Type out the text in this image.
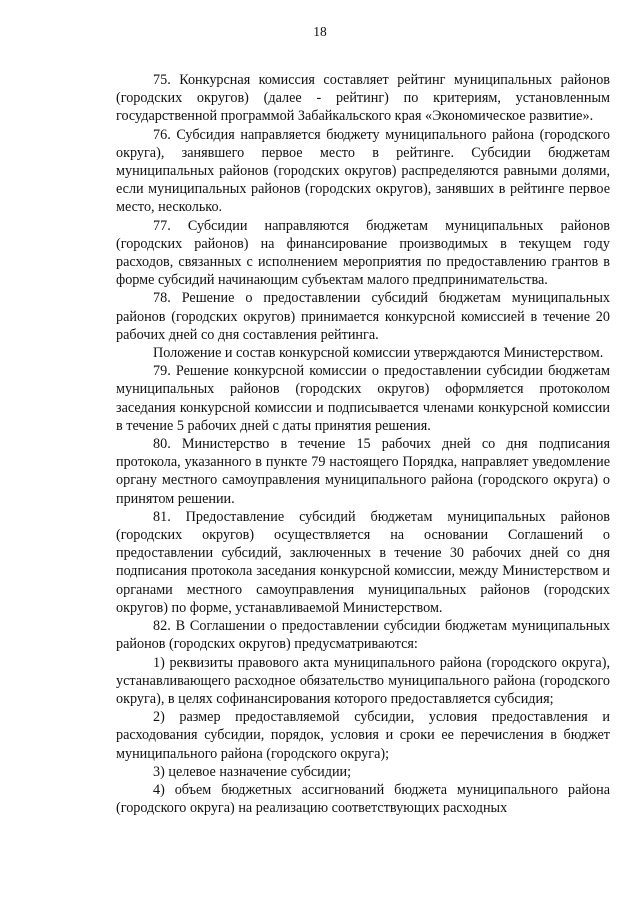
18

75. Конкурсная комиссия составляет рейтинг муниципальных районов (городских округов) (далее - рейтинг) по критериям, установленным государственной программой Забайкальского края «Экономическое развитие».

76. Субсидия направляется бюджету муниципального района (городского округа), занявшего первое место в рейтинге. Субсидии бюджетам муниципальных районов (городских округов) распределяются равными долями, если муниципальных районов (городских округов), занявших в рейтинге первое место, несколько.

77. Субсидии направляются бюджетам муниципальных районов (городских районов) на финансирование производимых в текущем году расходов, связанных с исполнением мероприятия по предоставлению грантов в форме субсидий начинающим субъектам малого предпринимательства.

78. Решение о предоставлении субсидий бюджетам муниципальных районов (городских округов) принимается конкурсной комиссией в течение 20 рабочих дней со дня составления рейтинга.

Положение и состав конкурсной комиссии утверждаются Министерством.

79. Решение конкурсной комиссии о предоставлении субсидии бюджетам муниципальных районов (городских округов) оформляется протоколом заседания конкурсной комиссии и подписывается членами конкурсной комиссии в течение 5 рабочих дней с даты принятия решения.

80. Министерство в течение 15 рабочих дней со дня подписания протокола, указанного в пункте 79 настоящего Порядка, направляет уведомление органу местного самоуправления муниципального района (городского округа) о принятом решении.

81. Предоставление субсидий бюджетам муниципальных районов (городских округов) осуществляется на основании Соглашений о предоставлении субсидий, заключенных в течение 30 рабочих дней со дня подписания протокола заседания конкурсной комиссии, между Министерством и органами местного самоуправления муниципальных районов (городских округов) по форме, устанавливаемой Министерством.

82. В Соглашении о предоставлении субсидии бюджетам муниципальных районов (городских округов) предусматриваются:

1) реквизиты правового акта муниципального района (городского округа), устанавливающего расходное обязательство муниципального района (городского округа), в целях софинансирования которого предоставляется субсидия;

2) размер предоставляемой субсидии, условия предоставления и расходования субсидии, порядок, условия и сроки ее перечисления в бюджет муниципального района (городского округа);

3) целевое назначение субсидии;

4) объем бюджетных ассигнований бюджета муниципального района (городского округа) на реализацию соответствующих расходных
